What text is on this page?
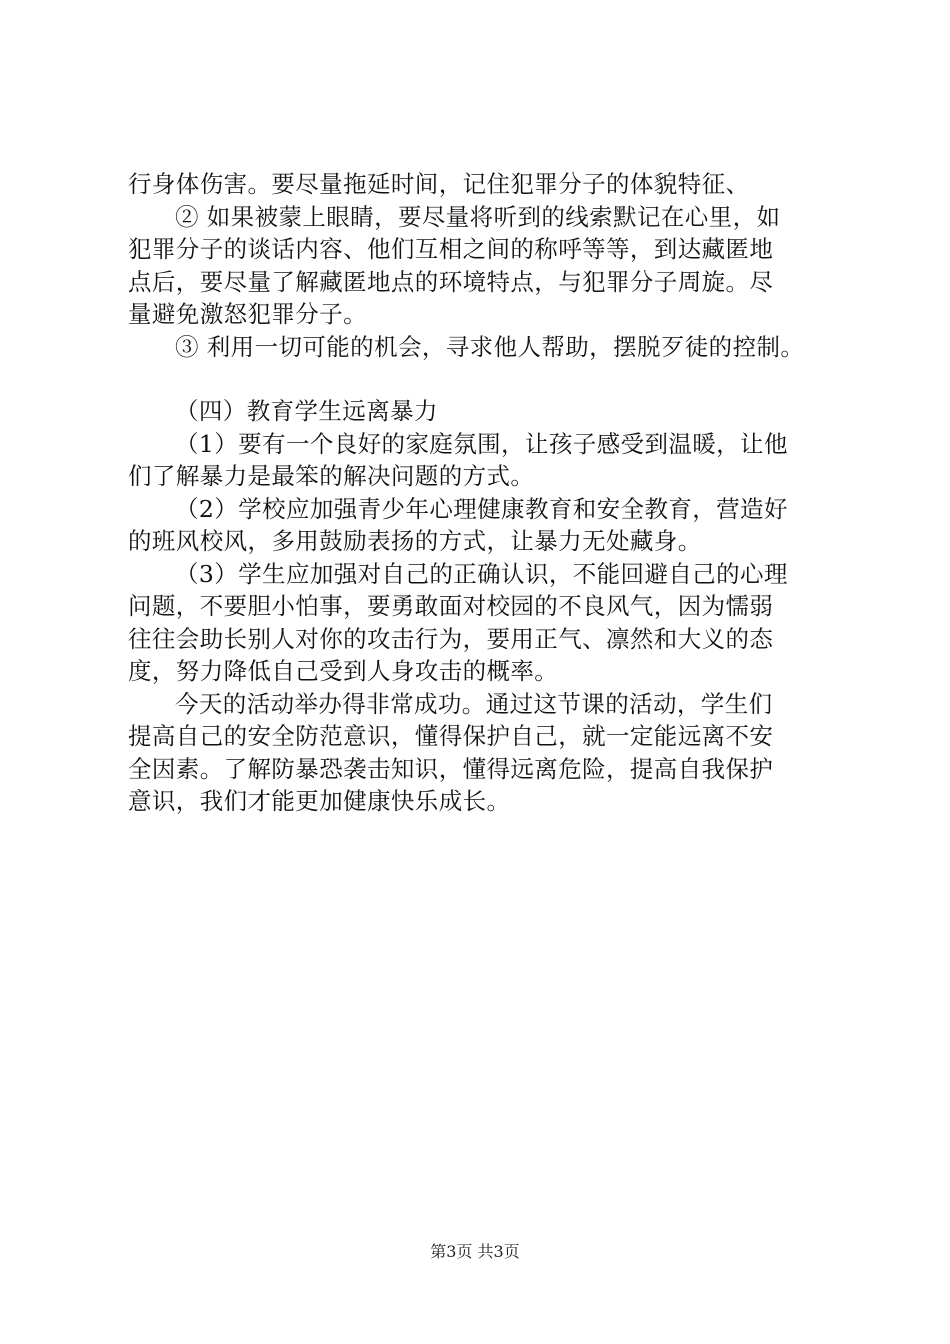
行身体伤害。要尽量拖延时间，记住犯罪分子的体貌特征、
② 如果被蒙上眼睛，要尽量将听到的线索默记在心里，如
犯罪分子的谈话内容、他们互相之间的称呼等等，到达藏匿地
点后，要尽量了解藏匿地点的环境特点，与犯罪分子周旋。尽
量避免激怒犯罪分子。
③ 利用一切可能的机会，寻求他人帮助，摆脱歹徒的控制。
（四）教育学生远离暴力
（1）要有一个良好的家庭氛围，让孩子感受到温暖，让他
们了解暴力是最笨的解决问题的方式。
（2）学校应加强青少年心理健康教育和安全教育，营造好
的班风校风，多用鼓励表扬的方式，让暴力无处藏身。
（3）学生应加强对自己的正确认识，不能回避自己的心理
问题，不要胆小怕事，要勇敢面对校园的不良风气，因为懦弱
往往会助长别人对你的攻击行为，要用正气、凛然和大义的态
度，努力降低自己受到人身攻击的概率。
今天的活动举办得非常成功。通过这节课的活动，学生们
提高自己的安全防范意识，懂得保护自己，就一定能远离不安
全因素。了解防暴恐袭击知识，懂得远离危险，提高自我保护
意识，我们才能更加健康快乐成长。
第3页 共3页
